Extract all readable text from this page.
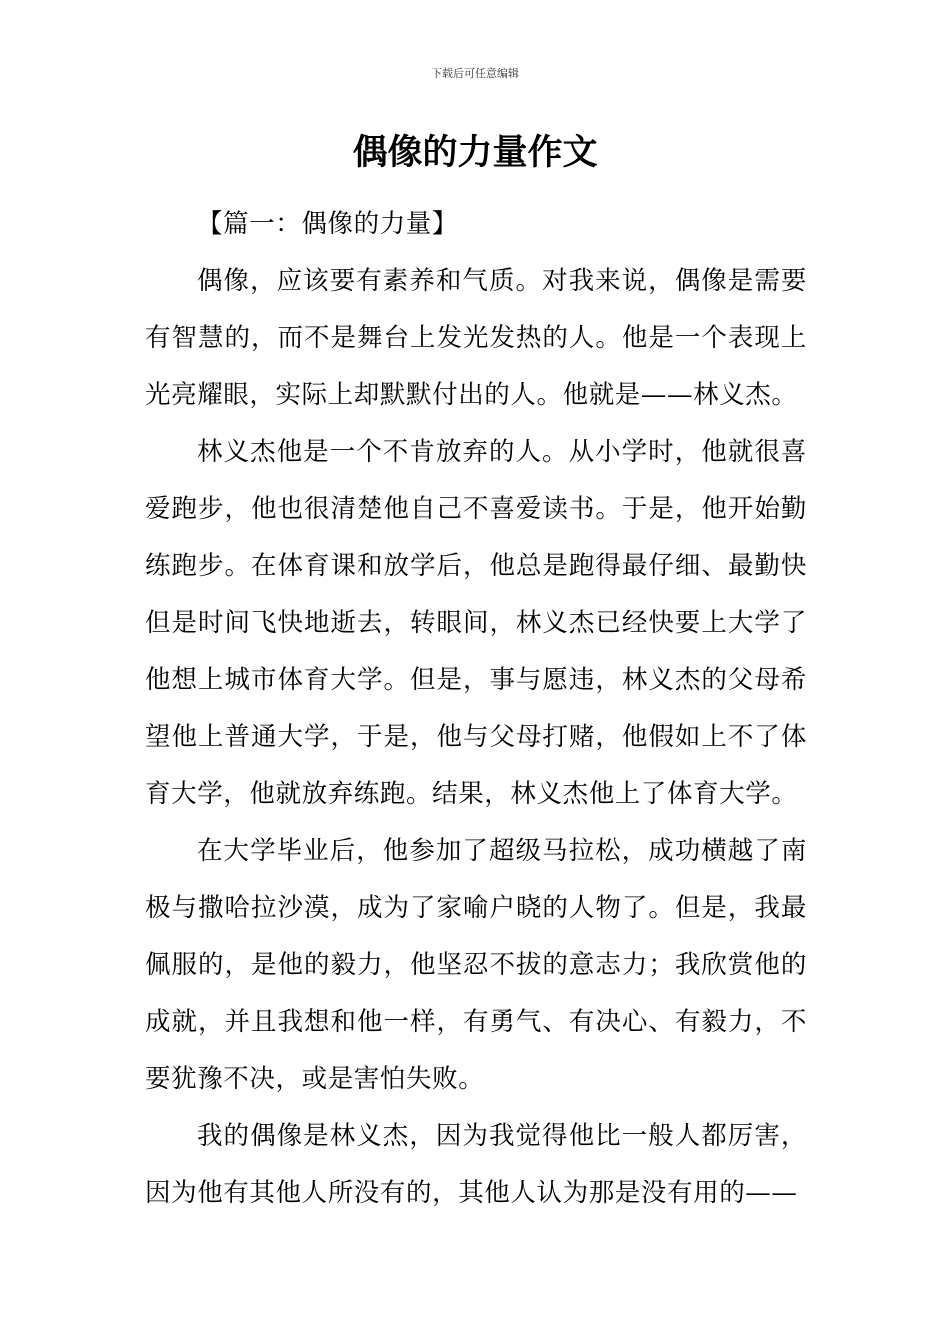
下载后可任意编辑
偶像的力量作文

【篇一：偶像的力量】

偶像，应该要有素养和气质。对我来说，偶像是需要有智慧的，而不是舞台上发光发热的人。他是一个表现上光亮耀眼，实际上却默默付出的人。他就是——林义杰。

林义杰他是一个不肯放弃的人。从小学时，他就很喜爱跑步，他也很清楚他自己不喜爱读书。于是，他开始勤练跑步。在体育课和放学后，他总是跑得最仔细、最勤快但是时间飞快地逝去，转眼间，林义杰已经快要上大学了他想上城市体育大学。但是，事与愿违，林义杰的父母希望他上普通大学，于是，他与父母打赌，他假如上不了体育大学，他就放弃练跑。结果，林义杰他上了体育大学。

在大学毕业后，他参加了超级马拉松，成功横越了南极与撒哈拉沙漠，成为了家喻户晓的人物了。但是，我最佩服的，是他的毅力，他坚忍不拔的意志力；我欣赏他的成就，并且我想和他一样，有勇气、有决心、有毅力，不要犹豫不决，或是害怕失败。

我的偶像是林义杰，因为我觉得他比一般人都厉害，因为他有其他人所没有的，其他人认为那是没有用的——
